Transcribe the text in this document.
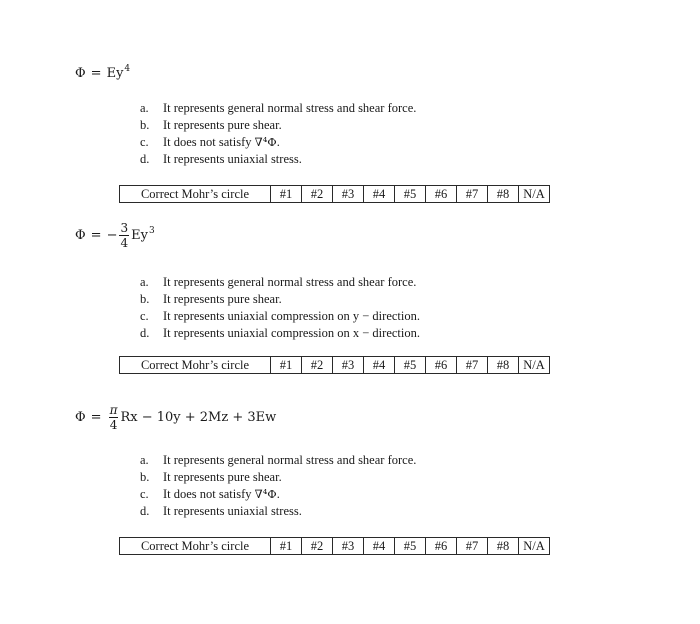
Φ = Ey 4
a.	It represents general normal stress and shear force.
b.	It represents pure shear.
c.	It does not satisfy ∇⁴Φ .
d.	It represents uniaxial stress.
Correct Mohr’s circle	#1	#2	#3	#4	#5	#6	#7	#8	N/A
Φ = − $\frac{3}{4}$ Ey 3
a.	It represents general normal stress and shear force.
b.	It represents pure shear.
c.	It represents uniaxial compression on y − direction.
d.	It represents uniaxial compression on x − direction.
Correct Mohr’s circle	#1	#2	#3	#4	#5	#6	#7	#8	N/A
$\Phi = \frac{\pi}{4}$ Rx − 10y + 2Mz + 3Ew
a.	It represents general normal stress and shear force.
b.	It represents pure shear.
c.	It does not satisfy ∇⁴Φ .
d.	It represents uniaxial stress.
Correct Mohr’s circle	#1	#2	#3	#4	#5	#6	#7	#8	N/A
